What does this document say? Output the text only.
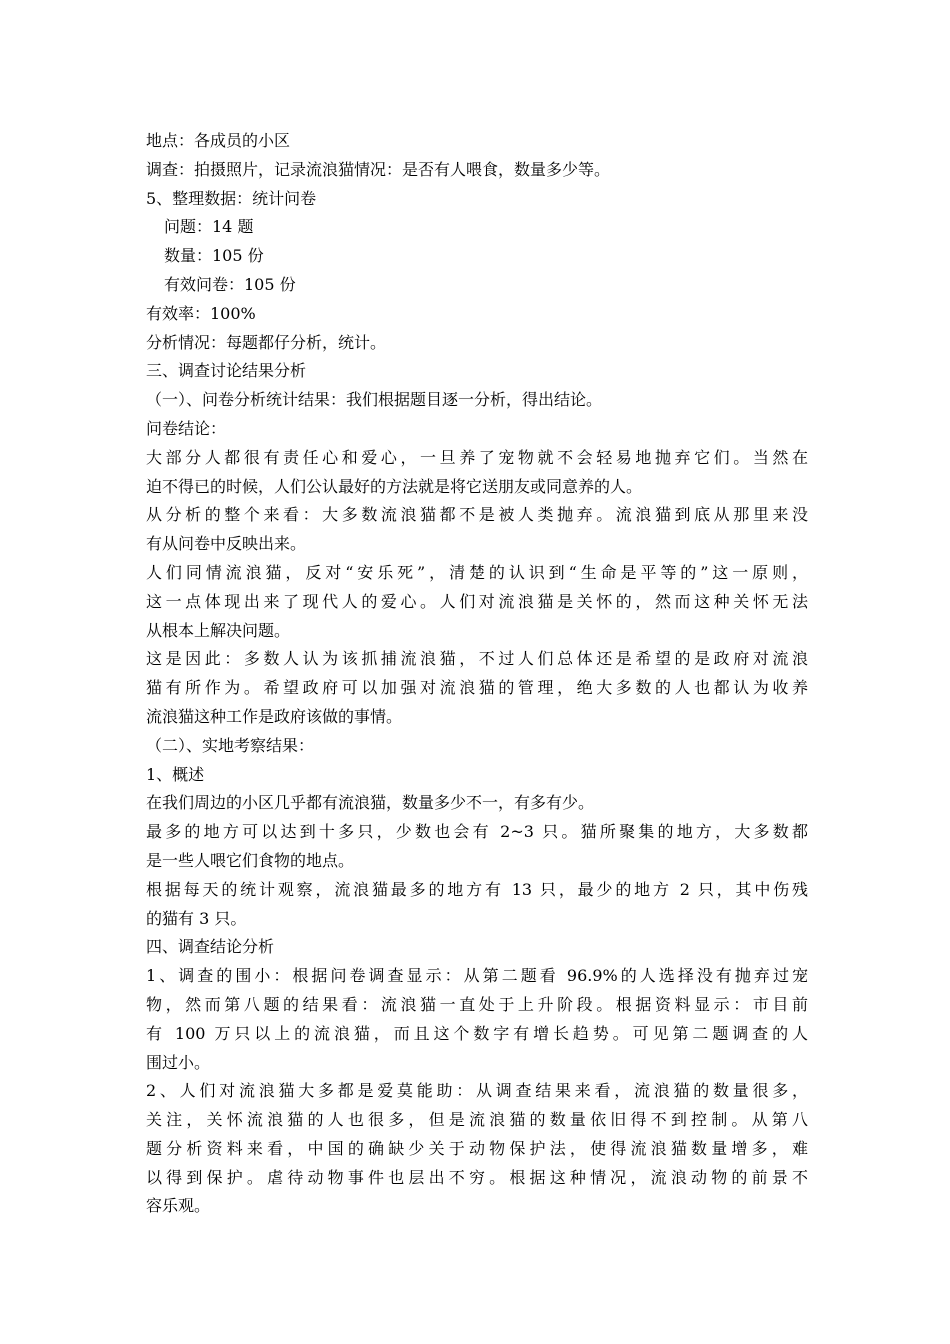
地点：各成员的小区
调查：拍摄照片，记录流浪猫情况：是否有人喂食，数量多少等。
5、整理数据：统计问卷
问题：14 题
数量：105 份
有效问卷：105 份
有效率：100%
分析情况：每题都仔分析，统计。
三、调查讨论结果分析
（一）、问卷分析统计结果：我们根据题目逐一分析，得出结论。
问卷结论：
大部分人都很有责任心和爱心，一旦养了宠物就不会轻易地抛弃它们。当然在
迫不得已的时候，人们公认最好的方法就是将它送朋友或同意养的人。
从分析的整个来看：大多数流浪猫都不是被人类抛弃。流浪猫到底从那里来没
有从问卷中反映出来。
人们同情流浪猫，反对“安乐死”，清楚的认识到“生命是平等的”这一原则，
这一点体现出来了现代人的爱心。人们对流浪猫是关怀的，然而这种关怀无法
从根本上解决问题。
这是因此：多数人认为该抓捕流浪猫，不过人们总体还是希望的是政府对流浪
猫有所作为。希望政府可以加强对流浪猫的管理，绝大多数的人也都认为收养
流浪猫这种工作是政府该做的事情。
（二）、实地考察结果：
1、概述
在我们周边的小区几乎都有流浪猫，数量多少不一，有多有少。
最多的地方可以达到十多只，少数也会有 2~3 只。猫所聚集的地方，大多数都
是一些人喂它们食物的地点。
根据每天的统计观察，流浪猫最多的地方有 13 只，最少的地方 2 只，其中伤残
的猫有 3 只。
四、调查结论分析
1、调查的围小：根据问卷调查显示：从第二题看 96.9%的人选择没有抛弃过宠
物，然而第八题的结果看：流浪猫一直处于上升阶段。根据资料显示：市目前
有 100 万只以上的流浪猫，而且这个数字有增长趋势。可见第二题调查的人
围过小。
2、人们对流浪猫大多都是爱莫能助：从调查结果来看，流浪猫的数量很多，
关注，关怀流浪猫的人也很多，但是流浪猫的数量依旧得不到控制。从第八
题分析资料来看，中国的确缺少关于动物保护法，使得流浪猫数量增多，难
以得到保护。虐待动物事件也层出不穷。根据这种情况，流浪动物的前景不
容乐观。
